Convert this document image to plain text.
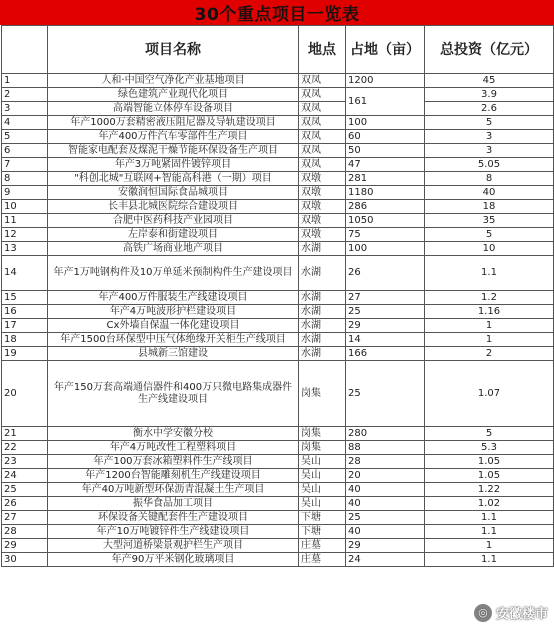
30个重点项目一览表
	项目名称	地点	占地（亩）	总投资（亿元）
1	人和·中国空气净化产业基地项目	双凤	1200	45
2	绿色建筑产业现代化项目	双凤	161	3.9
3	高端智能立体停车设备项目	双凤		2.6
4	年产1000万套精密液压阻尼器及导轨建设项目	双凤	100	5
5	年产400万件汽车零部件生产项目	双凤	60	3
6	智能家电配套及煤泥干燥节能环保设备生产项目	双凤	50	3
7	年产3万吨紧固件镀锌项目	双凤	47	5.05
8	"科创北城"互联网+智能高科港（一期）项目	双墩	281	8
9	安徽润恒国际食品城项目	双墩	1180	40
10	长丰县北城医院综合建设项目	双墩	286	18
11	合肥中医药科技产业园项目	双墩	1050	35
12	左岸泰和街建设项目	双墩	75	5
13	高铁广场商业地产项目	水湖	100	10
14	年产1万吨钢构件及10万单延米预制构件生产建设项目	水湖	26	1.1
15	年产400万件服装生产线建设项目	水湖	27	1.2
16	年产4万吨波形护栏建设项目	水湖	25	1.16
17	Cx外墙自保温一体化建设项目	水湖	29	1
18	年产1500台环保型中压气体绝缘开关柜生产线项目	水湖	14	1
19	县城新三馆建设	水湖	166	2
20	年产150万套高端通信器件和400万只微电路集成器件生产线建设项目	岗集	25	1.07
21	衡水中学安徽分校	岗集	280	5
22	年产4万吨改性工程塑料项目	岗集	88	5.3
23	年产100万套冰箱塑料件生产线项目	吴山	28	1.05
24	年产1200台智能雕刻机生产线建设项目	吴山	20	1.05
25	年产40万吨新型环保沥青混凝土生产项目	吴山	40	1.22
26	振华食品加工项目	吴山	40	1.02
27	环保设备关键配套件生产建设项目	下塘	25	1.1
28	年产10万吨镀锌件生产线建设项目	下塘	40	1.1
29	大型河道桥梁景观护栏生产项目	庄墓	29	1
30	年产90万平米钢化玻璃项目	庄墓	24	1.1
◎ 安徽楼市
